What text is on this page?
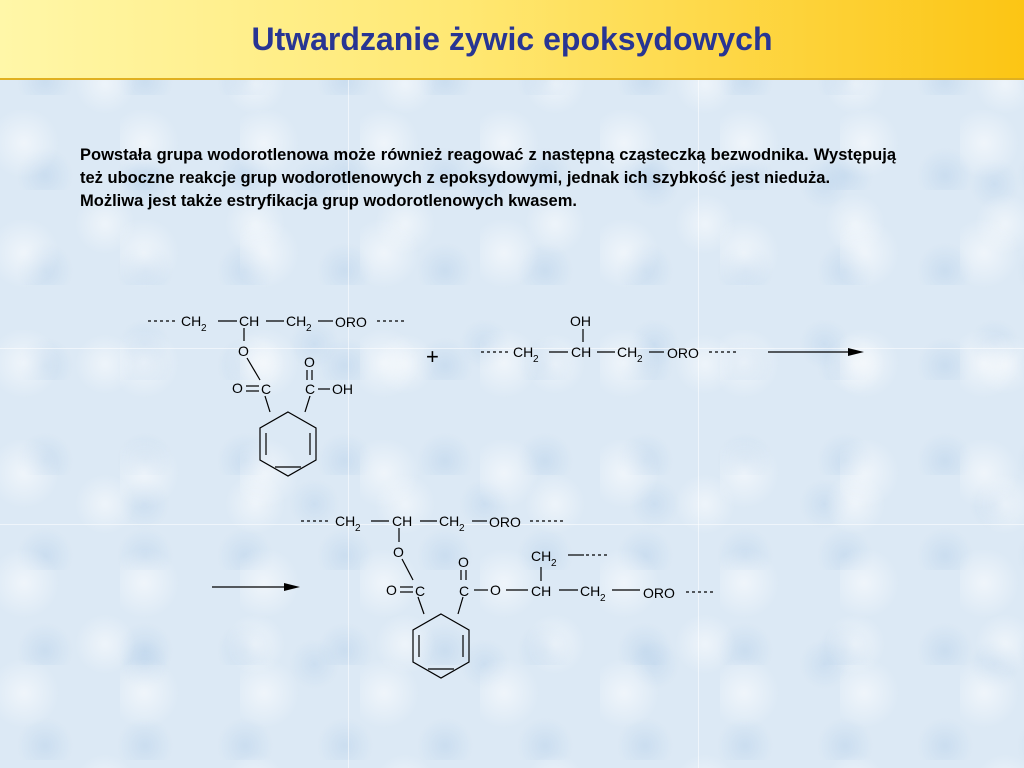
Utwardzanie żywic epoksydowych

Powstała grupa wodorotlenowa może również reagować z następną cząsteczką bezwodnika. Występują też uboczne reakcje grup wodorotlenowych z epoksydowymi, jednak ich szybkość jest nieduża.

Możliwa jest także estryfikacja grup wodorotlenowych kwasem.

CH 2 CH CH 2 ORO
O
O
O C C OH
+
OH
CH 2 CH CH 2 ORO
CH 2 CH CH 2 ORO
O
O	CH 2
O C C O CH CH 2	ORO
